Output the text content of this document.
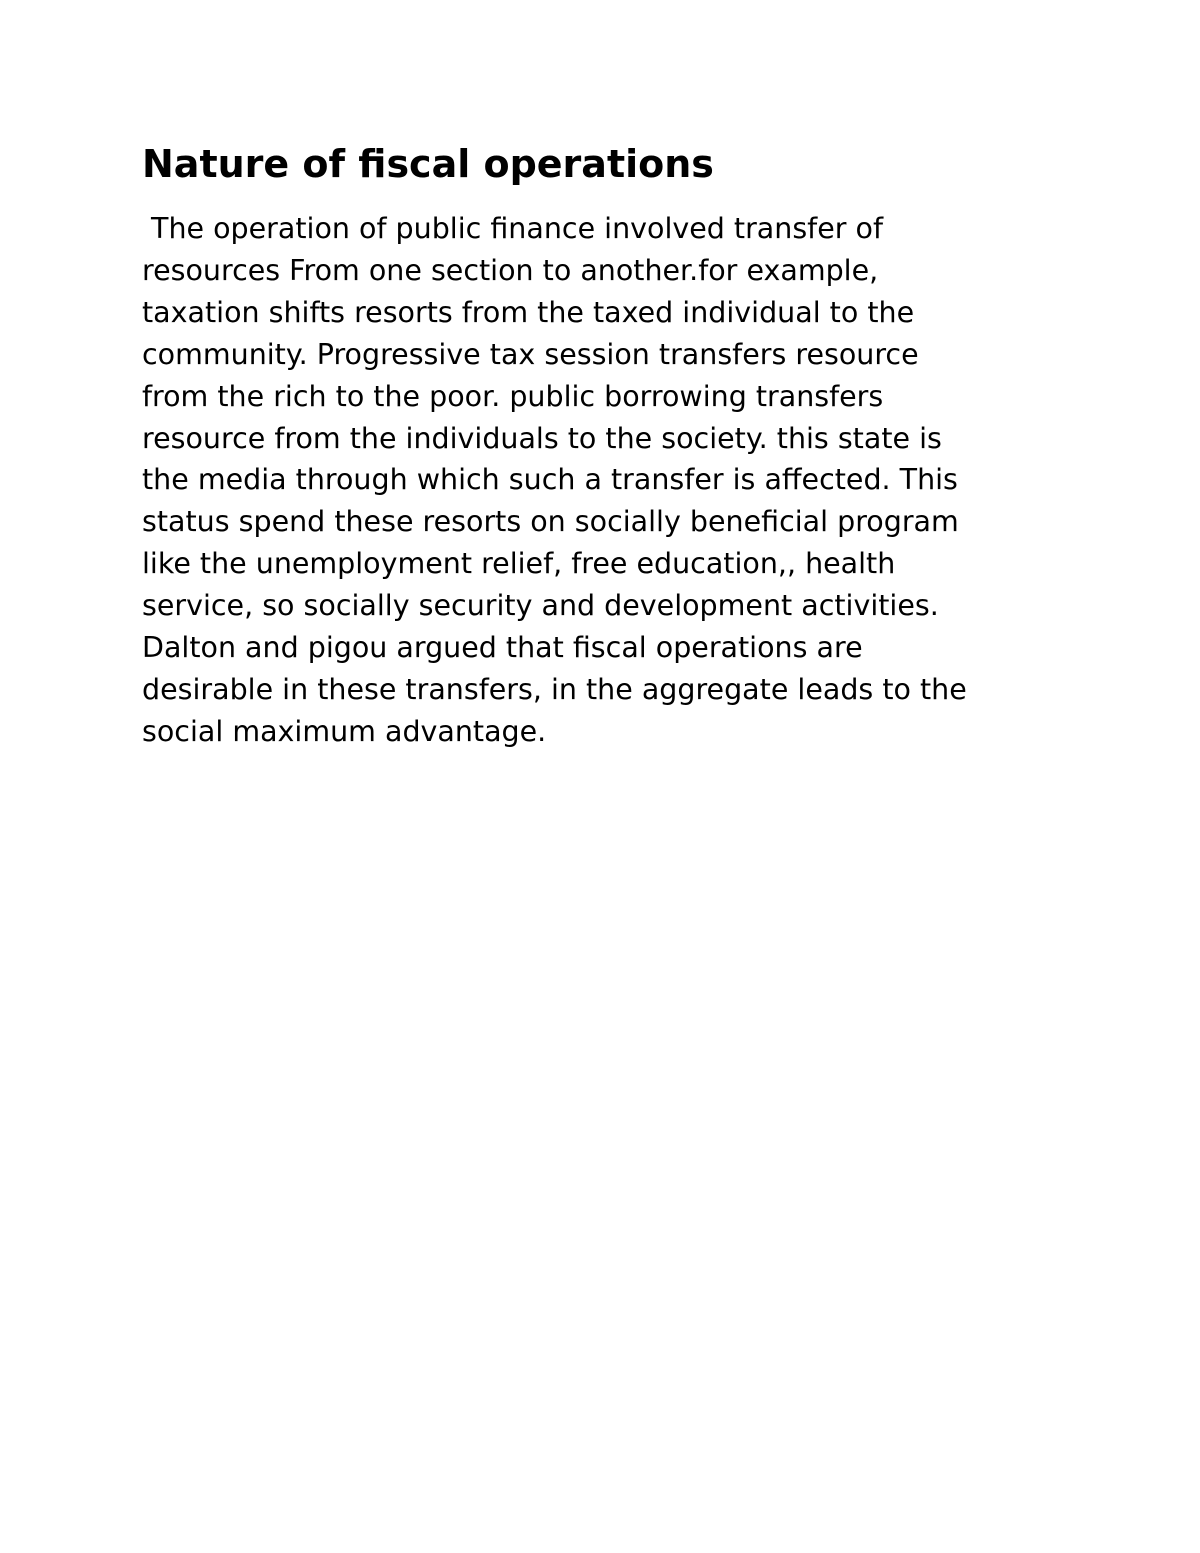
Nature of fiscal operations
The operation of public finance involved transfer of
resources From one section to another.for example,
taxation shifts resorts from the taxed individual to the
community. Progressive tax session transfers resource
from the rich to the poor. public borrowing transfers
resource from the individuals to the society. this state is
the media through which such a transfer is affected. This
status spend these resorts on socially beneficial program
like the unemployment relief, free education,, health
service, so socially security and development activities.
Dalton and pigou argued that fiscal operations are
desirable in these transfers, in the aggregate leads to the
social maximum advantage.
